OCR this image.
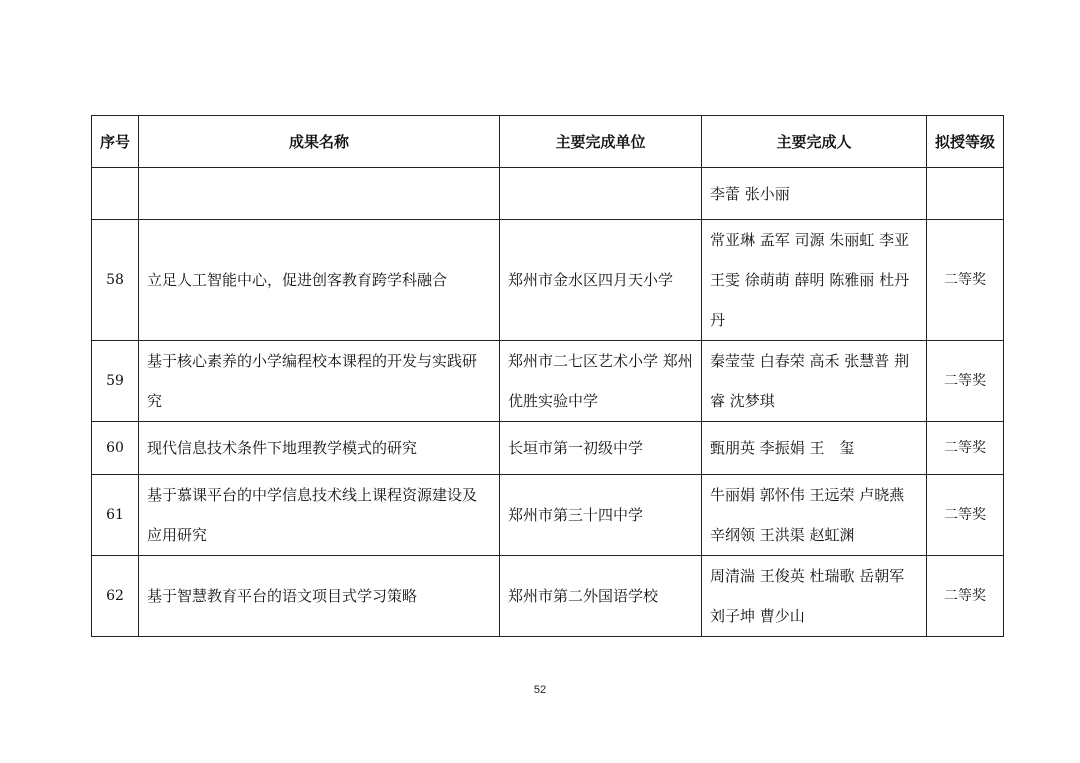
序号	成果名称	主要完成单位	主要完成人	拟授等级
			李蕾 张小丽	
58	立足人工智能中心，促进创客教育跨学科融合	郑州市金水区四月天小学	常亚琳 孟军 司源 朱丽虹 李亚 王雯 徐萌萌 薛明 陈雅丽 杜丹丹	二等奖
59	基于核心素养的小学编程校本课程的开发与实践研究	郑州市二七区艺术小学 郑州优胜实验中学	秦莹莹 白春荣 高禾 张慧普 荆　睿 沈梦琪	二等奖
60	现代信息技术条件下地理教学模式的研究	长垣市第一初级中学	甄朋英 李振娟 王　玺	二等奖
61	基于慕课平台的中学信息技术线上课程资源建设及应用研究	郑州市第三十四中学	牛丽娟 郭怀伟 王远荣 卢晓燕 辛纲领 王洪渠 赵虹渊	二等奖
62	基于智慧教育平台的语文项目式学习策略	郑州市第二外国语学校	周清湍 王俊英 杜瑞歌 岳朝军 刘子坤 曹少山	二等奖
52
